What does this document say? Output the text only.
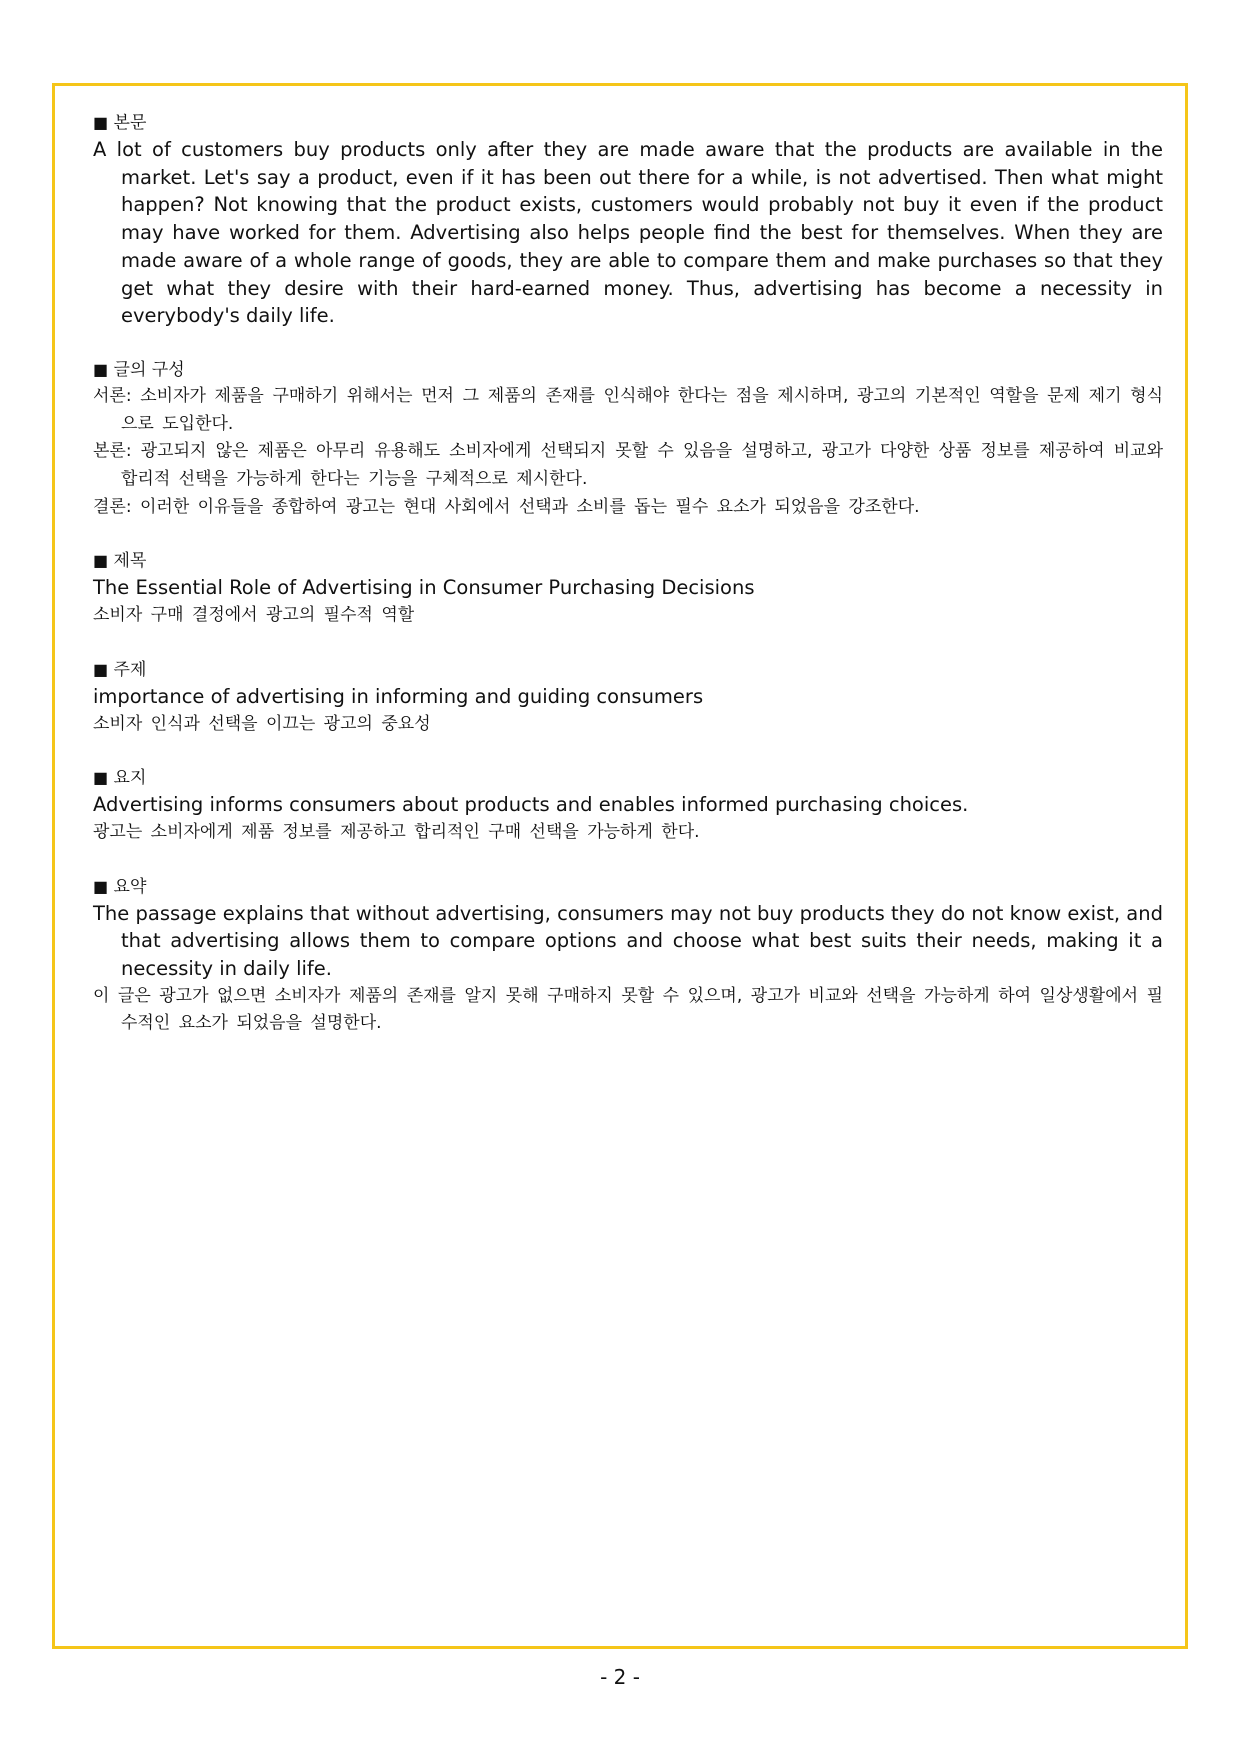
■ 본문
A lot of customers buy products only after they are made aware that the products are available in the market. Let's say a product, even if it has been out there for a while, is not advertised. Then what might happen? Not knowing that the product exists, customers would probably not buy it even if the product may have worked for them. Advertising also helps people find the best for themselves. When they are made aware of a whole range of goods, they are able to compare them and make purchases so that they get what they desire with their hard-earned money. Thus, advertising has become a necessity in everybody's daily life.
■ 글의 구성
서론: 소비자가 제품을 구매하기 위해서는 먼저 그 제품의 존재를 인식해야 한다는 점을 제시하며, 광고의 기본적인 역할을 문제 제기 형식으로 도입한다.
본론: 광고되지 않은 제품은 아무리 유용해도 소비자에게 선택되지 못할 수 있음을 설명하고, 광고가 다양한 상품 정보를 제공하여 비교와 합리적 선택을 가능하게 한다는 기능을 구체적으로 제시한다.
결론: 이러한 이유들을 종합하여 광고는 현대 사회에서 선택과 소비를 돕는 필수 요소가 되었음을 강조한다.
■ 제목
The Essential Role of Advertising in Consumer Purchasing Decisions
소비자 구매 결정에서 광고의 필수적 역할
■ 주제
importance of advertising in informing and guiding consumers
소비자 인식과 선택을 이끄는 광고의 중요성
■ 요지
Advertising informs consumers about products and enables informed purchasing choices.
광고는 소비자에게 제품 정보를 제공하고 합리적인 구매 선택을 가능하게 한다.
■ 요약
The passage explains that without advertising, consumers may not buy products they do not know exist, and that advertising allows them to compare options and choose what best suits their needs, making it a necessity in daily life.
이 글은 광고가 없으면 소비자가 제품의 존재를 알지 못해 구매하지 못할 수 있으며, 광고가 비교와 선택을 가능하게 하여 일상생활에서 필수적인 요소가 되었음을 설명한다.
- 2 -
